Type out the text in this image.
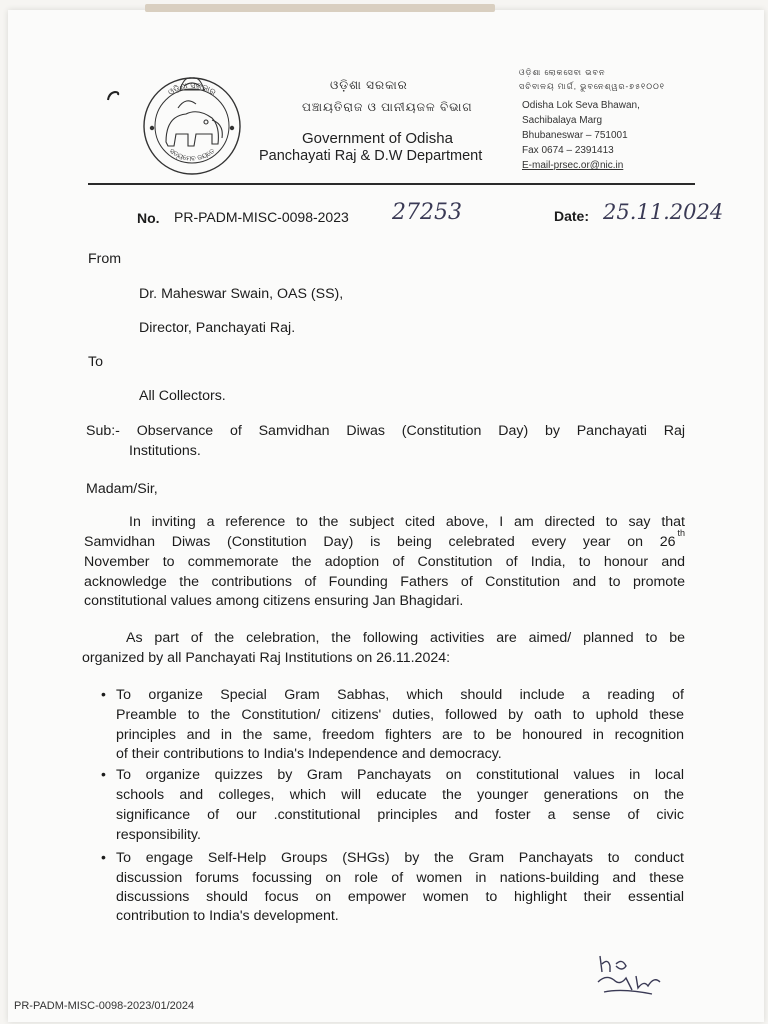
ଓଡ଼ିଶା ସରକାର
ସତ୍ୟମେବ ଜୟତେ
ଓଡ଼ିଶା ସରକାର
ପଞ୍ଚାୟତିରାଜ ଓ ପାନୀୟଜଳ ବିଭାଗ
Government of Odisha
Panchayati Raj & D.W Department
ଓଡ଼ିଶା ଲୋକସେବା ଭବନ
ସଚିବାଳୟ ମାର୍ଗ, ଭୁବନେଶ୍ୱର-୭୫୧୦୦୧
Odisha Lok Seva Bhawan,
Sachibalaya Marg
Bhubaneswar – 751001
Fax 0674 – 2391413
E-mail-prsec.or@nic.in
No. PR-PADM-MISC-0098-2023 27253	Date: 25.11.2024
From
Dr. Maheswar Swain, OAS (SS),
Director, Panchayati Raj.
To
All Collectors.
Sub:- Observance of Samvidhan Diwas (Constitution Day) by Panchayati Raj
Institutions.
Madam/Sir,
In inviting a reference to the subject cited above, I am directed to say that
Samvidhan Diwas (Constitution Day) is being celebrated every year on 26
th
November to commemorate the adoption of Constitution of India, to honour and
acknowledge the contributions of Founding Fathers of Constitution and to promote
constitutional values among citizens ensuring Jan Bhagidari.
As part of the celebration, the following activities are aimed/ planned to be
organized by all Panchayati Raj Institutions on 26.11.2024:
• To organize Special Gram Sabhas, which should include a reading of
Preamble to the Constitution/ citizens' duties, followed by oath to uphold these
principles and in the same, freedom fighters are to be honoured in recognition
of their contributions to India's Independence and democracy.
• To organize quizzes by Gram Panchayats on constitutional values in local
schools and colleges, which will educate the younger generations on the
significance of our .constitutional principles and foster a sense of civic
responsibility.
• To engage Self-Help Groups (SHGs) by the Gram Panchayats to conduct
discussion forums focussing on role of women in nations-building and these
discussions should focus on empower women to highlight their essential
contribution to India's development.
PR-PADM-MISC-0098-2023/01/2024
